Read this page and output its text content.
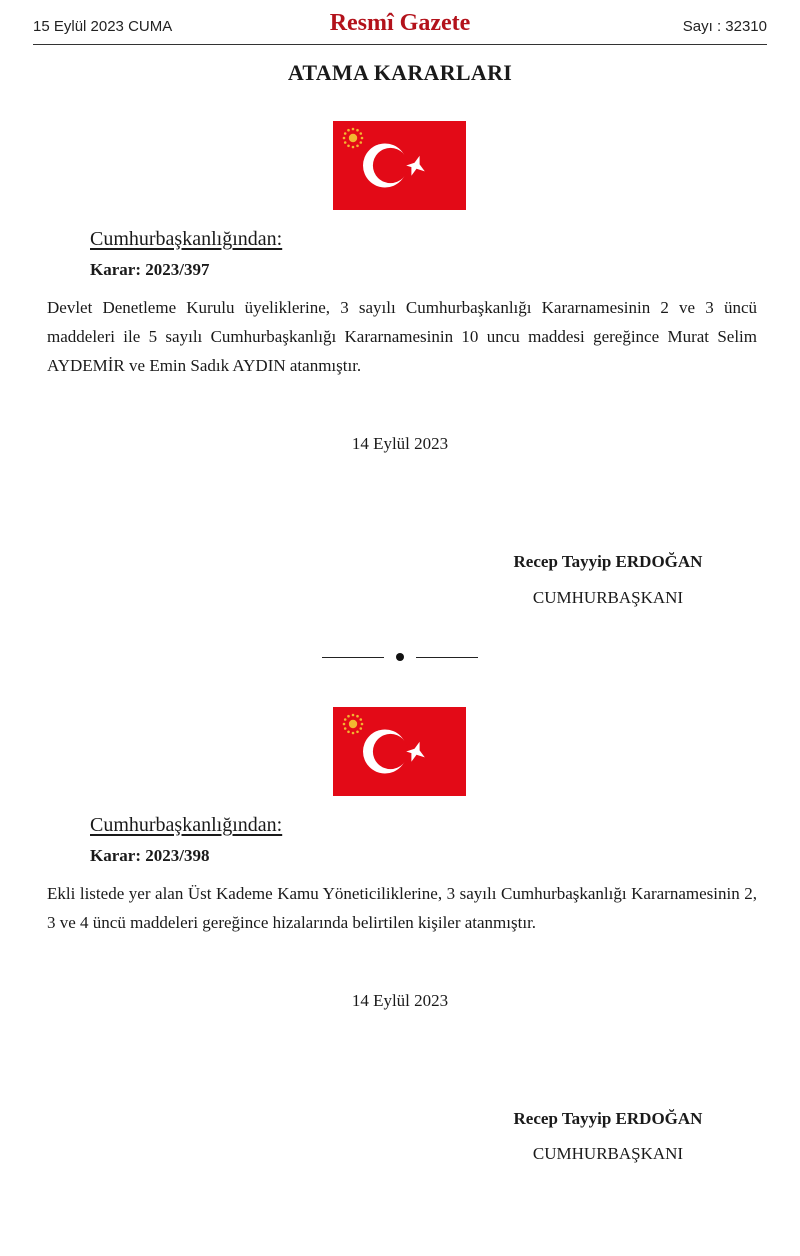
15 Eylül 2023 CUMA	Resmî Gazete	Sayı : 32310
ATAMA KARARLARI
Cumhurbaşkanlığından:
Karar: 2023/397
Devlet Denetleme Kurulu üyeliklerine, 3 sayılı Cumhurbaşkanlığı Kararnamesinin 2 ve 3 üncü maddeleri ile 5 sayılı Cumhurbaşkanlığı Kararnamesinin 10 uncu maddesi gereğince Murat Selim AYDEMİR ve Emin Sadık AYDIN atanmıştır.
14 Eylül 2023
Recep Tayyip ERDOĞAN
CUMHURBAŞKANI
Cumhurbaşkanlığından:
Karar: 2023/398
Ekli listede yer alan Üst Kademe Kamu Yöneticiliklerine, 3 sayılı Cumhurbaşkanlığı Kararnamesinin 2, 3 ve 4 üncü maddeleri gereğince hizalarında belirtilen kişiler atanmıştır.
14 Eylül 2023
Recep Tayyip ERDOĞAN
CUMHURBAŞKANI
